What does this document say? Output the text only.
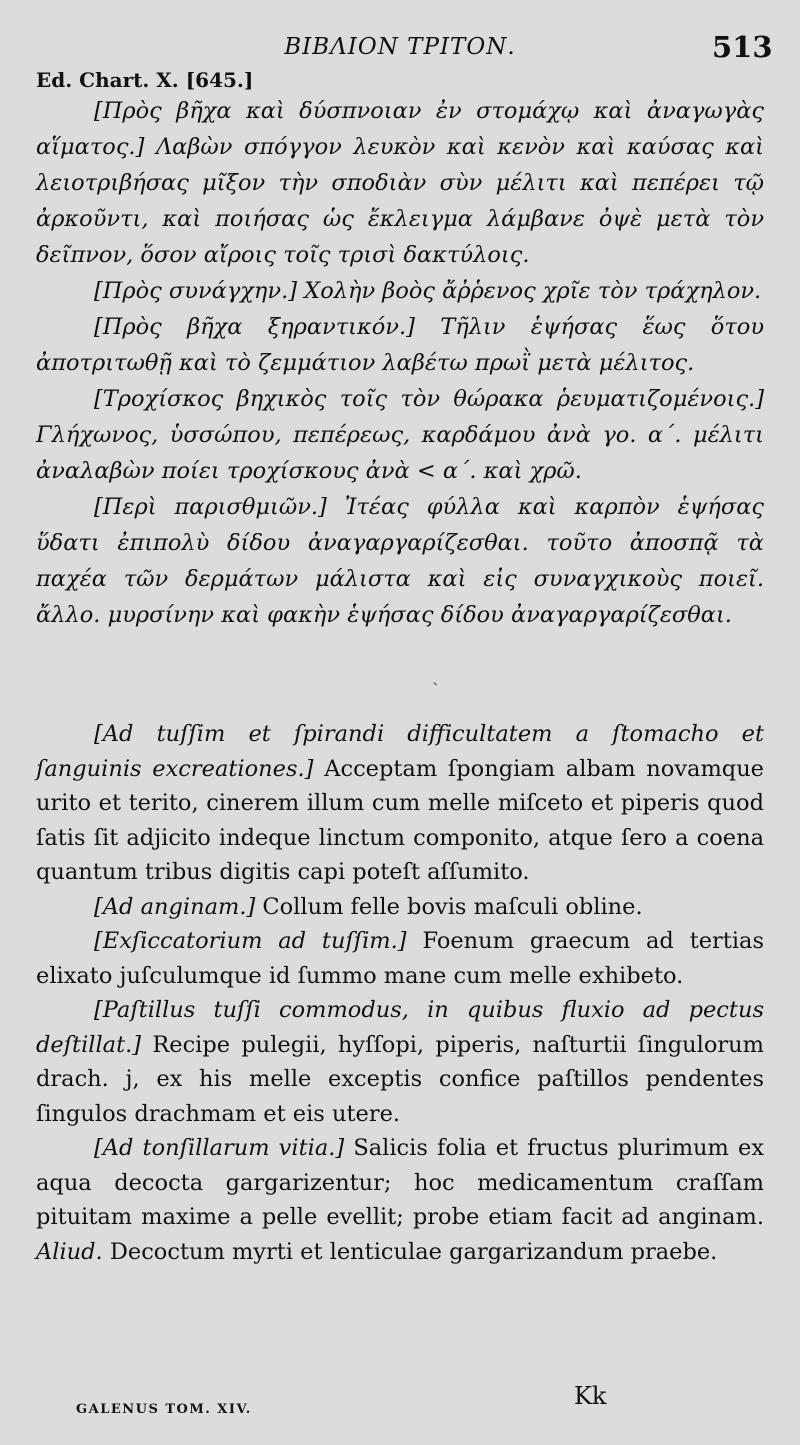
ΒΙΒΛΙΟΝ ΤΡΙΤΟΝ.	513
Ed. Chart. X. [645.]

[Πρὸς βῆχα καὶ δύσπνοιαν ἐν στομάχῳ καὶ ἀναγωγὰς αἵματος.] Λαβὼν σπόγγον λευκὸν καὶ κενὸν καὶ καύσας καὶ λειοτριβήσας μῖξον τὴν σποδιὰν σὺν μέλιτι καὶ πεπέρει τῷ ἀρκοῦντι, καὶ ποιήσας ὡς ἔκλειγμα λάμβανε ὀψὲ μετὰ τὸν δεῖπνον, ὅσον αἴροις τοῖς τρισὶ δακτύλοις.

[Πρὸς συνάγχην.] Χολὴν βοὸς ἄῤῥενος χρῖε τὸν τράχηλον.

[Πρὸς βῆχα ξηραντικόν.] Τῆλιν ἑψήσας ἕως ὅτου ἀποτριτωθῇ καὶ τὸ ζεμμάτιον λαβέτω πρωῒ μετὰ μέλιτος.

[Τροχίσκος βηχικὸς τοῖς τὸν θώρακα ῥευματιζομένοις.] Γλήχωνος, ὑσσώπου, πεπέρεως, καρδάμου ἀνὰ γο. α΄. μέλιτι ἀναλαβὼν ποίει τροχίσκους ἀνὰ < α΄. καὶ χρῶ.

[Περὶ παρισθμιῶν.] Ἰτέας φύλλα καὶ καρπὸν ἑψήσας ὕδατι ἐπιπολὺ δίδου ἀναγαργαρίζεσθαι. τοῦτο ἀποσπᾷ τὰ παχέα τῶν δερμάτων μάλιστα καὶ εἰς συναγχικοὺς ποιεῖ. ἄλλο. μυρσίνην καὶ φακὴν ἑψήσας δίδου ἀναγαργαρίζεσθαι.

ˏ

[Ad tuſſim et ſpirandi difficultatem a ſtomacho et ſanguinis excreationes.] Acceptam ſpongiam albam novamque urito et terito, cinerem illum cum melle miſceto et piperis quod ſatis ſit adjicito indeque linctum componito, atque ſero a coena quantum tribus digitis capi poteſt aſſumito.

[Ad anginam.] Collum felle bovis maſculi obline.

[Exſiccatorium ad tuſſim.] Foenum graecum ad tertias elixato juſculumque id ſummo mane cum melle exhibeto.

[Paſtillus tuſſi commodus, in quibus fluxio ad pectus deſtillat.] Recipe pulegii, hyſſopi, piperis, naſturtii ſingulorum drach. j, ex his melle exceptis confice paſtillos pendentes ſingulos drachmam et eis utere.

[Ad tonſillarum vitia.] Salicis folia et fructus plurimum ex aqua decocta gargarizentur; hoc medicamentum craſſam pituitam maxime a pelle evellit; probe etiam facit ad anginam. Aliud. Decoctum myrti et lenticulae gargarizandum praebe.

GALENUS TOM. XIV.	Kk
